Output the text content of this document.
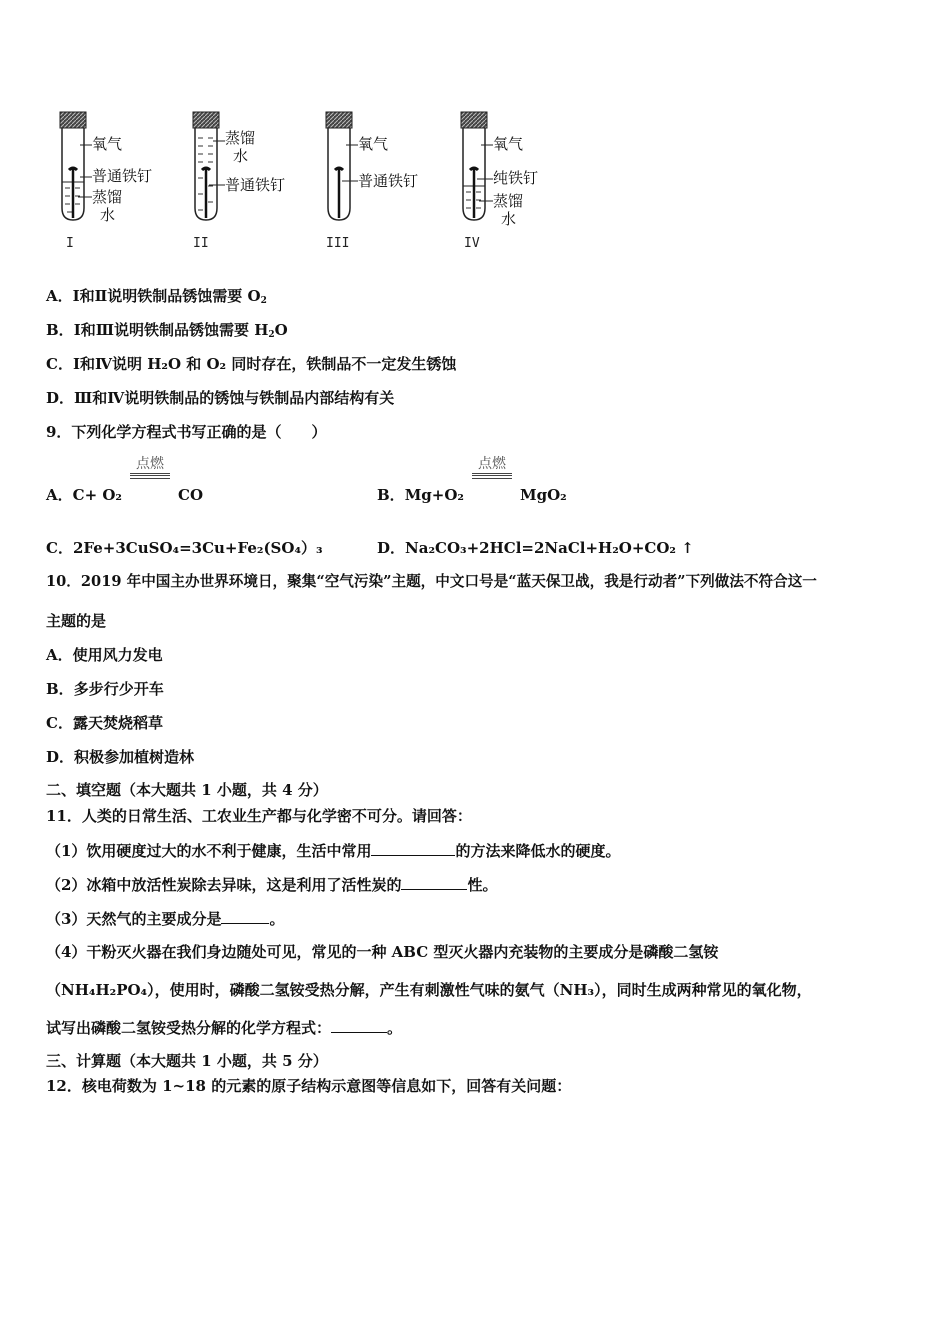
氧气
普通铁钉
蒸馏
水
I
蒸馏
水
普通铁钉
II
氧气
普通铁钉
III
氧气
纯铁钉
蒸馏
水
IV
A．Ⅰ和Ⅱ说明铁制品锈蚀需要 $O_2$
B．Ⅰ和Ⅲ说明铁制品锈蚀需要 $H_2O$
C．Ⅰ和Ⅳ说明 H₂O 和 O₂ 同时存在，铁制品不一定发生锈蚀
D．Ⅲ和Ⅳ说明铁制品的锈蚀与铁制品内部结构有关
9．下列化学方程式书写正确的是（　　）
A．C+ O₂
点燃
CO	B．Mg+O₂
点燃
MgO₂
C．2Fe+3CuSO₄=3Cu+Fe₂(SO₄）₃	D．Na₂CO₃+2HCl=2NaCl+H₂O+CO₂ ↑
10．2019 年中国主办世界环境日，聚集“空气污染”主题，中文口号是“蓝天保卫战，我是行动者”下列做法不符合这一
主题的是
A．使用风力发电
B．多步行少开车
C．露天焚烧稻草
D．积极参加植树造林
二、填空题（本大题共 1 小题，共 4 分）
11．人类的日常生活、工农业生产都与化学密不可分。请回答：
（1）饮用硬度过大的水不利于健康，生活中常用	的方法来降低水的硬度。
（2）冰箱中放活性炭除去异味，这是利用了活性炭的	性。
（3）天然气的主要成分是	。
（4）干粉灭火器在我们身边随处可见，常见的一种 ABC 型灭火器内充装物的主要成分是磷酸二氢铵
（NH₄H₂PO₄），使用时，磷酸二氢铵受热分解，产生有刺激性气味的氨气（NH₃），同时生成两种常见的氧化物，
试写出磷酸二氢铵受热分解的化学方程式：	。
三、计算题（本大题共 1 小题，共 5 分）
12．核电荷数为 1~18 的元素的原子结构示意图等信息如下，回答有关问题：
